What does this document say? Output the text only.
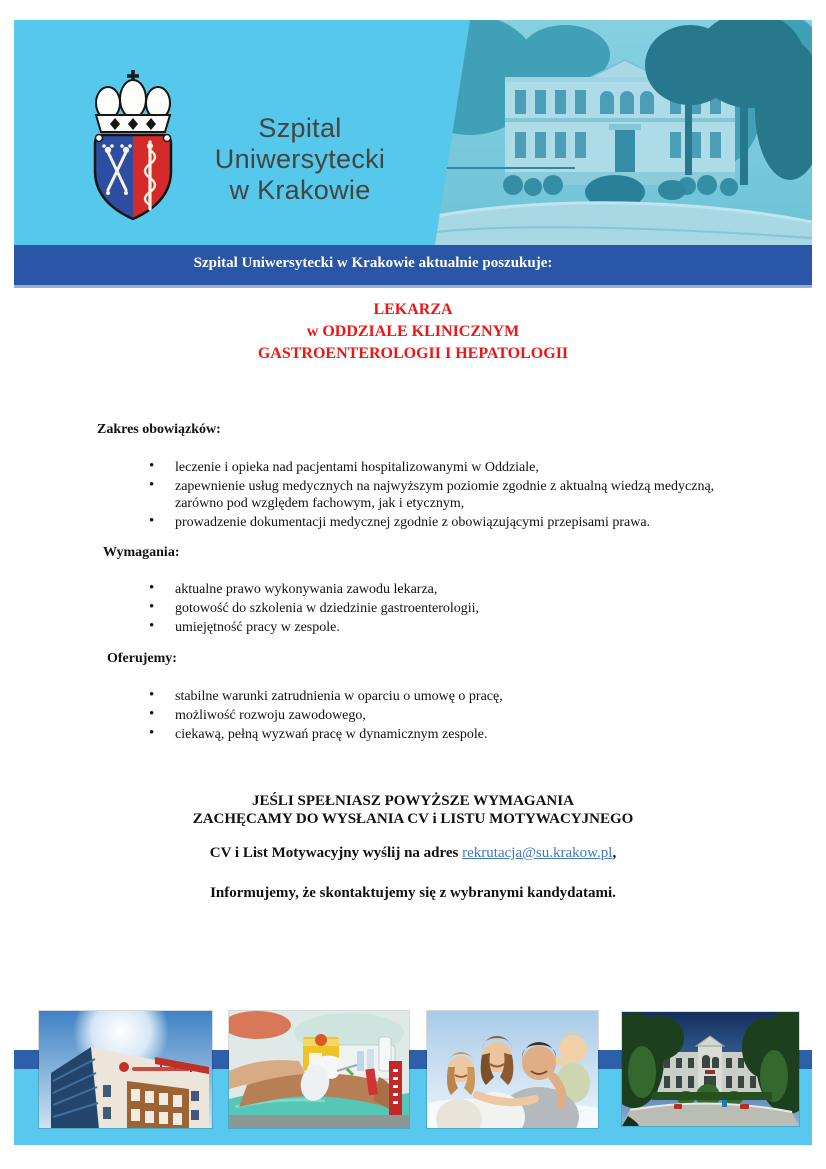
Szpital
Uniwersytecki
w Krakowie
Szpital Uniwersytecki w Krakowie aktualnie poszukuje:
LEKARZA
w ODDZIALE KLINICZNYM
GASTROENTEROLOGII I HEPATOLOGII
Zakres obowiązków:
• leczenie i opieka nad pacjentami hospitalizowanymi w Oddziale,
• zapewnienie usług medycznych na najwyższym poziomie zgodnie z aktualną wiedzą medyczną, zarówno pod względem fachowym, jak i etycznym,
• prowadzenie dokumentacji medycznej zgodnie z obowiązującymi przepisami prawa.
Wymagania:
• aktualne prawo wykonywania zawodu lekarza,
• gotowość do szkolenia w dziedzinie gastroenterologii,
• umiejętność pracy w zespole.
Oferujemy:
• stabilne warunki zatrudnienia w oparciu o umowę o pracę,
• możliwość rozwoju zawodowego,
• ciekawą, pełną wyzwań pracę w dynamicznym zespole.
JEŚLI SPEŁNIASZ POWYŻSZE WYMAGANIA
ZACHĘCAMY DO WYSŁANIA CV i LISTU MOTYWACYJNEGO
CV i List Motywacyjny wyślij na adres rekrutacja@su.krakow.pl,
Informujemy, że skontaktujemy się z wybranymi kandydatami.
